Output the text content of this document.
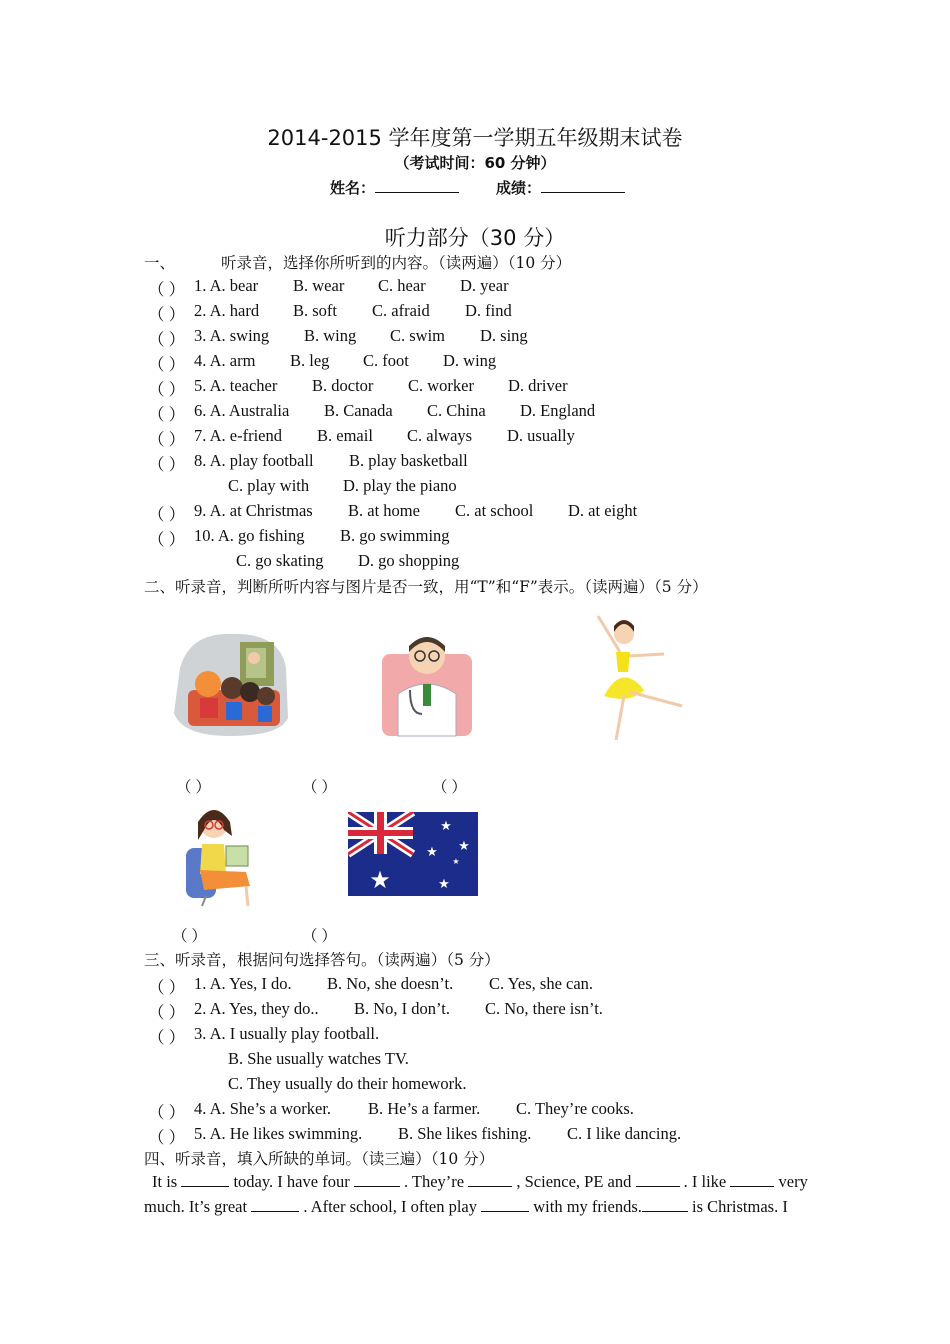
2014-2015 学年度第一学期五年级期末试卷
（考试时间：60 分钟）
姓名：	成绩：
听力部分（30 分）
一、	听录音，选择你所听到的内容。（读两遍）（10 分）
（ ） 1. A. bear B. wear C. hear D. year
（ ） 2. A. hard B. soft C. afraid D. find
（ ） 3. A. swing B. wing C. swim D. sing
（ ） 4. A. arm B. leg C. foot D. wing
（ ） 5. A. teacher B. doctor C. worker D. driver
（ ） 6. A. Australia B. Canada C. China D. England
（ ） 7. A. e-friend B. email C. always D. usually
（ ） 8. A. play football B. play basketball
C. play with D. play the piano
（ ） 9. A. at Christmas B. at home C. at school D. at eight
（ ） 10. A. go fishing B. go swimming
C. go skating D. go shopping
二、听录音，判断所听内容与图片是否一致，用“T”和“F”表示。（读两遍）（5 分）
（ ）	（ ）	（ ）
★	★
★
★
★
★
（ ）	（ ）
三、听录音，根据问句选择答句。（读两遍）（5 分）
（ ） 1. A. Yes, I do. B. No, she doesn’t. C. Yes, she can.
（ ） 2. A. Yes, they do.. B. No, I don’t. C. No, there isn’t.
（ ） 3. A. I usually play football.
B. She usually watches TV.
C. They usually do their homework.
（ ） 4. A. She’s a worker. B. He’s a farmer. C. They’re cooks.
（ ） 5. A. He likes swimming. B. She likes fishing. C. I like dancing.
四、听录音，填入所缺的单词。（读三遍）（10 分）
It is	today. I have four	. They’re	, Science, PE and	. I like	very
much. It’s great	. After school, I often play	with my friends.	is Christmas. I
